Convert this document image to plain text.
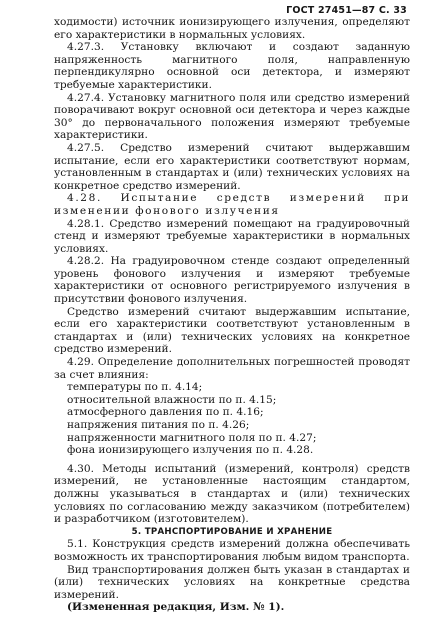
ГОСТ 27451—87 С. 33

ходимости) источник ионизирующего излучения, определяют его характеристики в нормальных условиях.

4.27.3. Установку включают и создают заданную напряженность магнитного поля, направленную перпендикулярно основной оси детектора, и измеряют требуемые характеристики.

4.27.4. Установку магнитного поля или средство измерений поворачивают вокруг основной оси детектора и через каждые 30° до первоначального положения измеряют требуемые характеристики.

4.27.5. Средство измерений считают выдержавшим испытание, если его характеристики соответствуют нормам, установленным в стандартах и (или) технических условиях на конкретное средство измерений.

4.28. Испытание средств измерений при изменении фонового излучения

4.28.1. Средство измерений помещают на градуировочный стенд и измеряют требуемые характеристики в нормальных условиях.

4.28.2. На градуировочном стенде создают определенный уровень фонового излучения и измеряют требуемые характеристики от основного регистрируемого излучения в присутствии фонового излучения.

Средство измерений считают выдержавшим испытание, если его характеристики соответствуют установленным в стандартах и (или) технических условиях на конкретное средство измерений.

4.29. Определение дополнительных погрешностей проводят за счет влияния:

температуры по п. 4.14;

относительной влажности по п. 4.15;

атмосферного давления по п. 4.16;

напряжения питания по п. 4.26;

напряженности магнитного поля по п. 4.27;

фона ионизирующего излучения по п. 4.28.

4.30. Методы испытаний (измерений, контроля) средств измерений, не установленные настоящим стандартом, должны указываться в стандартах и (или) технических условиях по согласованию между заказчиком (потребителем) и разработчиком (изготовителем).

5. ТРАНСПОРТИРОВАНИЕ И ХРАНЕНИЕ

5.1. Конструкция средств измерений должна обеспечивать возможность их транспортирования любым видом транспорта.

Вид транспортирования должен быть указан в стандартах и (или) технических условиях на конкретные средства измерений.

(Измененная редакция, Изм. № 1).
